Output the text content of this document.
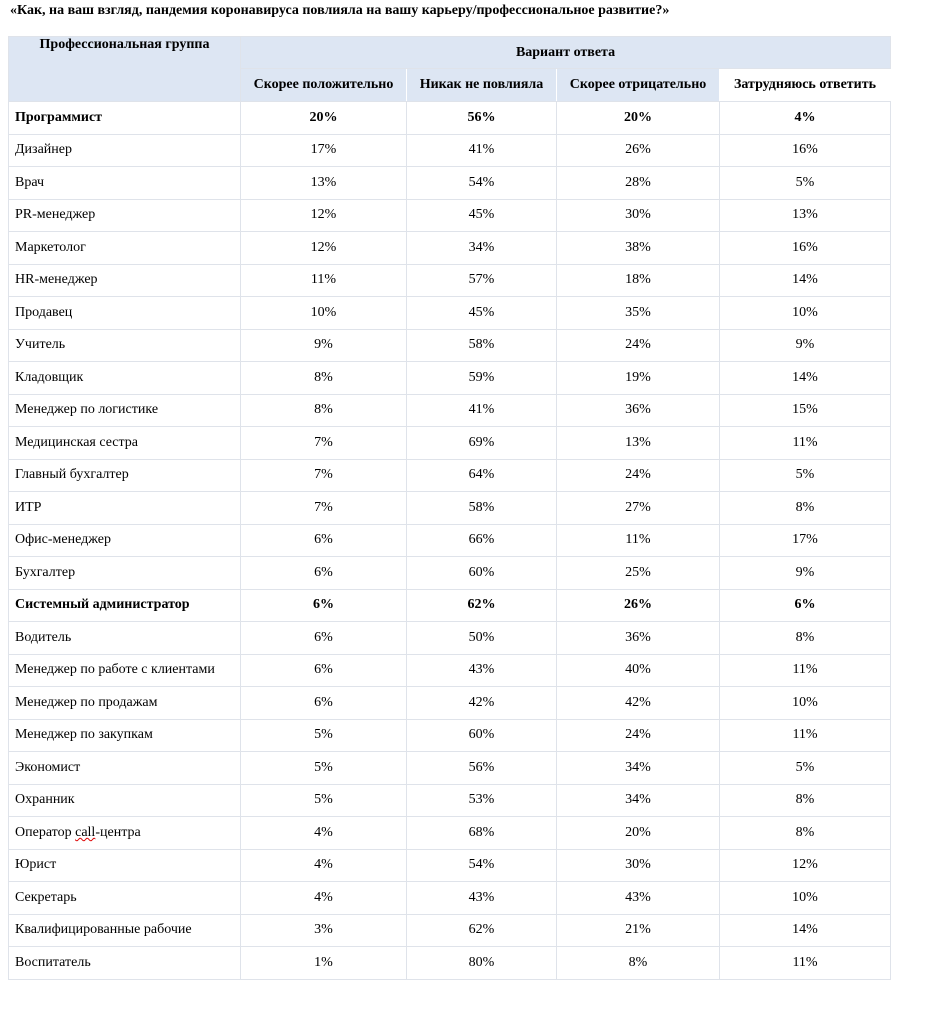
«Как, на ваш взгляд, пандемия коронавируса повлияла на вашу карьеру/профессиональное развитие?»
Профессиональная группа	Вариант ответа			
	Скорее положительно	Никак не повлияла	Скорее отрицательно	Затрудняюсь ответить
Программист	20%	56%	20%	4%
Дизайнер	17%	41%	26%	16%
Врач	13%	54%	28%	5%
PR-менеджер	12%	45%	30%	13%
Маркетолог	12%	34%	38%	16%
HR-менеджер	11%	57%	18%	14%
Продавец	10%	45%	35%	10%
Учитель	9%	58%	24%	9%
Кладовщик	8%	59%	19%	14%
Менеджер по логистике	8%	41%	36%	15%
Медицинская сестра	7%	69%	13%	11%
Главный бухгалтер	7%	64%	24%	5%
ИТР	7%	58%	27%	8%
Офис-менеджер	6%	66%	11%	17%
Бухгалтер	6%	60%	25%	9%
Системный администратор	6%	62%	26%	6%
Водитель	6%	50%	36%	8%
Менеджер по работе с клиентами	6%	43%	40%	11%
Менеджер по продажам	6%	42%	42%	10%
Менеджер по закупкам	5%	60%	24%	11%
Экономист	5%	56%	34%	5%
Охранник	5%	53%	34%	8%
Оператор call-центра	4%	68%	20%	8%
Юрист	4%	54%	30%	12%
Секретарь	4%	43%	43%	10%
Квалифицированные рабочие	3%	62%	21%	14%
Воспитатель	1%	80%	8%	11%
